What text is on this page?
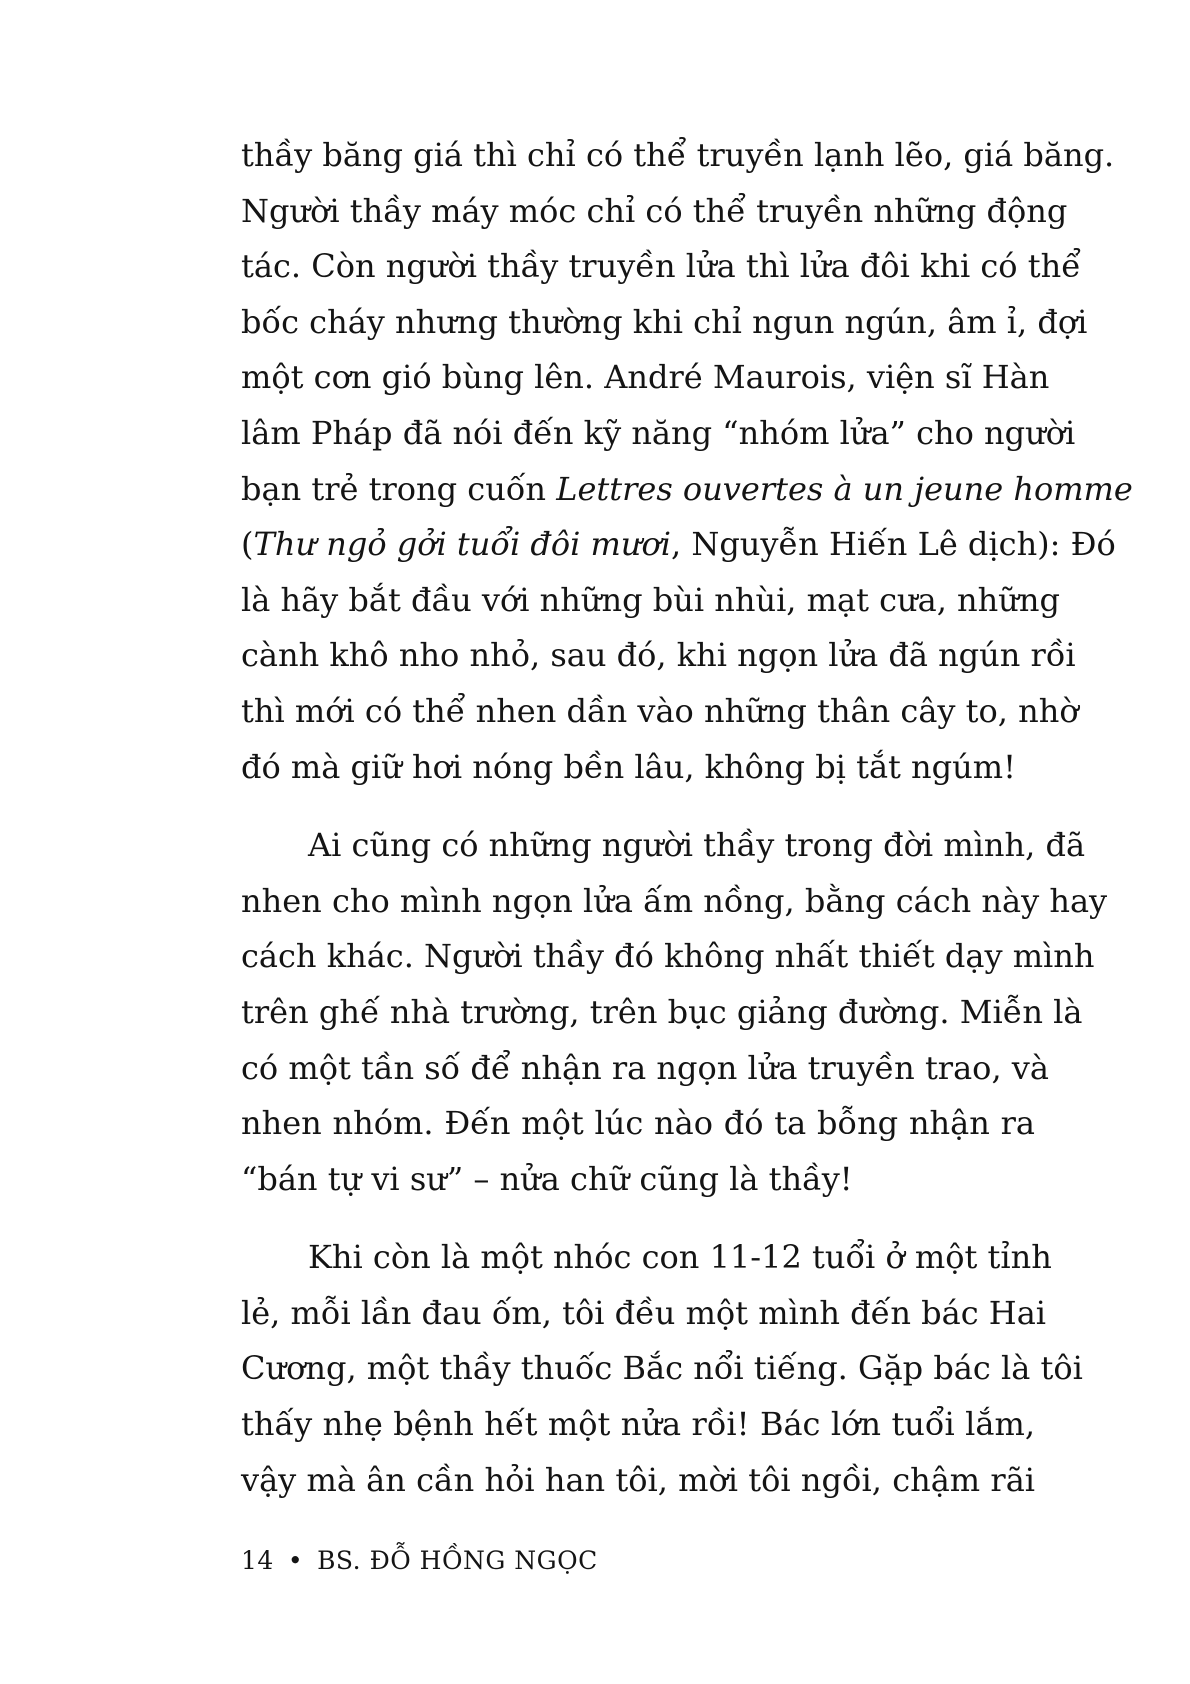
thầy băng giá thì chỉ có thể truyền lạnh lẽo, giá băng.
Người thầy máy móc chỉ có thể truyền những động
tác. Còn người thầy truyền lửa thì lửa đôi khi có thể
bốc cháy nhưng thường khi chỉ ngun ngún, âm ỉ, đợi
một cơn gió bùng lên. André Maurois, viện sĩ Hàn
lâm Pháp đã nói đến kỹ năng “nhóm lửa” cho người
bạn trẻ trong cuốn Lettres ouvertes à un jeune homme
(Thư ngỏ gởi tuổi đôi mươi, Nguyễn Hiến Lê dịch): Đó
là hãy bắt đầu với những bùi nhùi, mạt cưa, những
cành khô nho nhỏ, sau đó, khi ngọn lửa đã ngún rồi
thì mới có thể nhen dần vào những thân cây to, nhờ
đó mà giữ hơi nóng bền lâu, không bị tắt ngúm!

Ai cũng có những người thầy trong đời mình, đã
nhen cho mình ngọn lửa ấm nồng, bằng cách này hay
cách khác. Người thầy đó không nhất thiết dạy mình
trên ghế nhà trường, trên bục giảng đường. Miễn là
có một tần số để nhận ra ngọn lửa truyền trao, và
nhen nhóm. Đến một lúc nào đó ta bỗng nhận ra
“bán tự vi sư” – nửa chữ cũng là thầy!

Khi còn là một nhóc con 11-12 tuổi ở một tỉnh
lẻ, mỗi lần đau ốm, tôi đều một mình đến bác Hai
Cương, một thầy thuốc Bắc nổi tiếng. Gặp bác là tôi
thấy nhẹ bệnh hết một nửa rồi! Bác lớn tuổi lắm,
vậy mà ân cần hỏi han tôi, mời tôi ngồi, chậm rãi

14 • BS. ĐỖ HỒNG NGỌC
